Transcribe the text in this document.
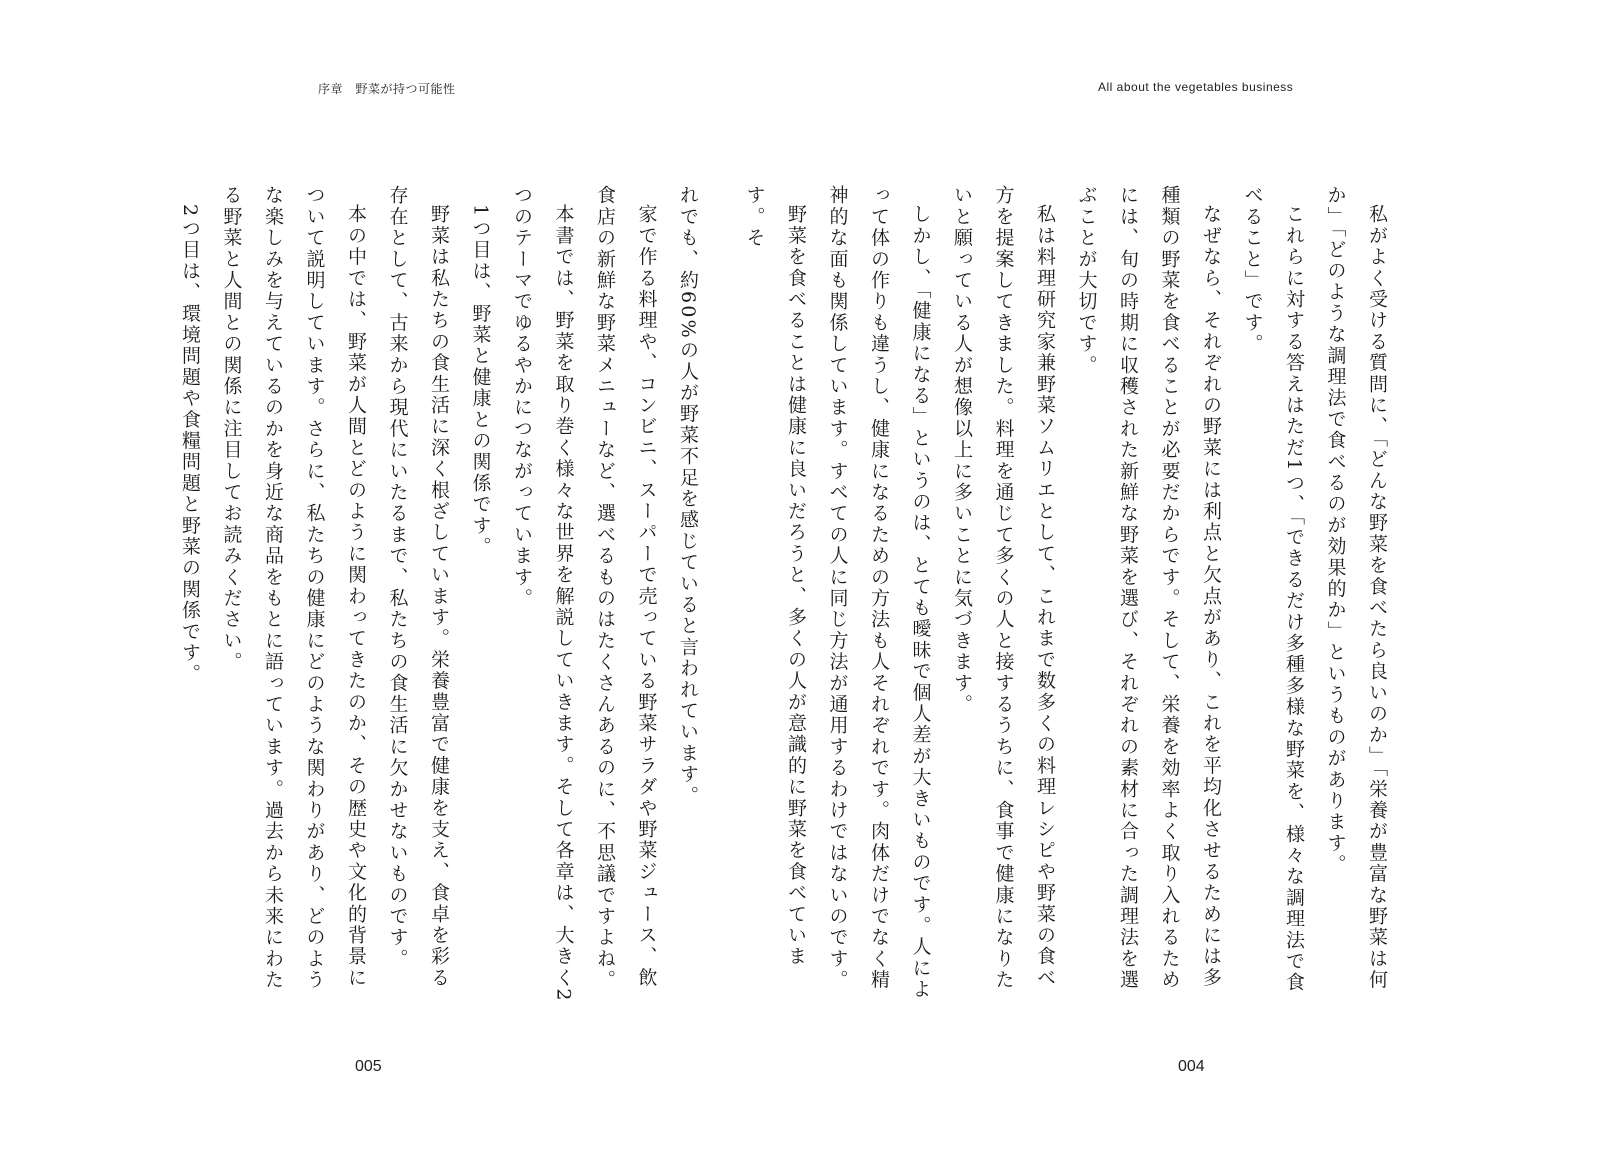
序章　野菜が持つ可能性	All about the vegetables business

私がよく受ける質問に、「どんな野菜を食べたら良いのか」「栄養が豊富な野菜は何か」「どのような調理法で食べるのが効果的か」というものがあります。

これらに対する答えはただ1つ、「できるだけ多種多様な野菜を、様々な調理法で食べること」です。

なぜなら、それぞれの野菜には利点と欠点があり、これを平均化させるためには多種類の野菜を食べることが必要だからです。そして、栄養を効率よく取り入れるためには、旬の時期に収穫された新鮮な野菜を選び、それぞれの素材に合った調理法を選ぶことが大切です。

私は料理研究家兼野菜ソムリエとして、これまで数多くの料理レシピや野菜の食べ方を提案してきました。料理を通じて多くの人と接するうちに、食事で健康になりたいと願っている人が想像以上に多いことに気づきます。

しかし、「健康になる」というのは、とても曖昧で個人差が大きいものです。人によって体の作りも違うし、健康になるための方法も人それぞれです。肉体だけでなく精神的な面も関係しています。すべての人に同じ方法が通用するわけではないのです。

野菜を食べることは健康に良いだろうと、多くの人が意識的に野菜を食べています。そ

れでも、約60%の人が野菜不足を感じていると言われています。

家で作る料理や、コンビニ、スーパーで売っている野菜サラダや野菜ジュース、飲食店の新鮮な野菜メニューなど、選べるものはたくさんあるのに、不思議ですよね。

本書では、野菜を取り巻く様々な世界を解説していきます。そして各章は、大きく2つのテーマでゆるやかにつながっています。

1つ目は、野菜と健康との関係です。

野菜は私たちの食生活に深く根ざしています。栄養豊富で健康を支え、食卓を彩る存在として、古来から現代にいたるまで、私たちの食生活に欠かせないものです。

本の中では、野菜が人間とどのように関わってきたのか、その歴史や文化的背景について説明しています。さらに、私たちの健康にどのような関わりがあり、どのような楽しみを与えているのかを身近な商品をもとに語っています。過去から未来にわたる野菜と人間との関係に注目してお読みください。

2つ目は、環境問題や食糧問題と野菜の関係です。

005	004
